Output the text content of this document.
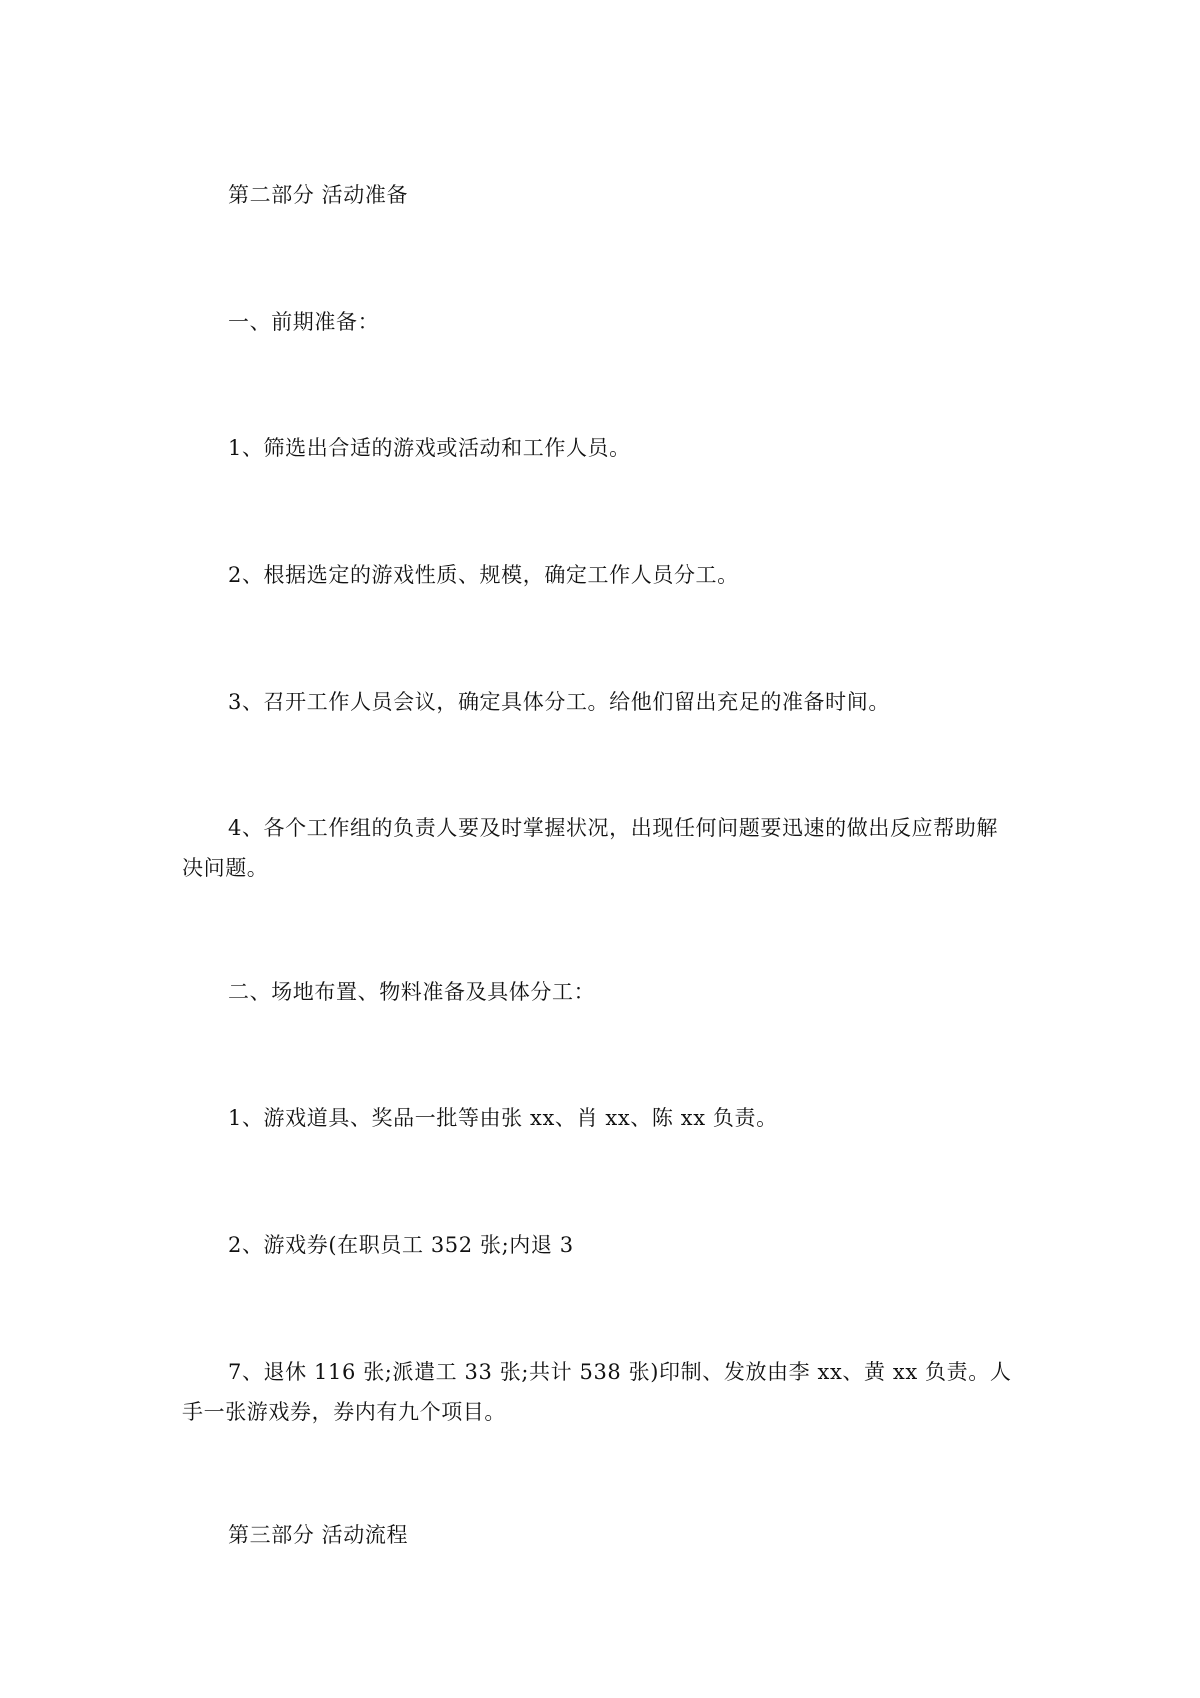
第二部分 活动准备

一、前期准备：

1、筛选出合适的游戏或活动和工作人员。

2、根据选定的游戏性质、规模，确定工作人员分工。

3、召开工作人员会议，确定具体分工。给他们留出充足的准备时间。

4、各个工作组的负责人要及时掌握状况，出现任何问题要迅速的做出反应帮助解决问题。

二、场地布置、物料准备及具体分工：

1、游戏道具、奖品一批等由张 xx、肖 xx、陈 xx 负责。

2、游戏券(在职员工 352 张;内退 3

7、退休 116 张;派遣工 33 张;共计 538 张)印制、发放由李 xx、黄 xx 负责。人手一张游戏券，券内有九个项目。

第三部分 活动流程
